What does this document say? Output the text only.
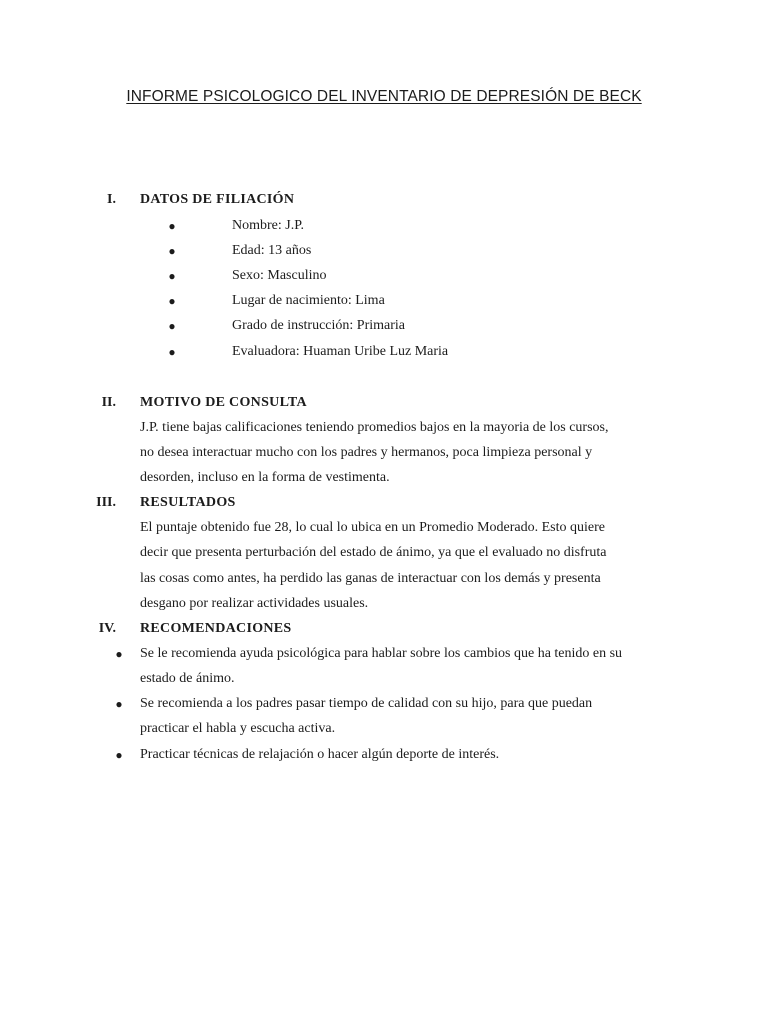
INFORME PSICOLOGICO DEL INVENTARIO DE DEPRESIÓN DE BECK
I. DATOS DE FILIACIÓN
●	Nombre: J.P.
●	Edad: 13 años
●	Sexo: Masculino
●	Lugar de nacimiento: Lima
●	Grado de instrucción: Primaria
●	Evaluadora: Huaman Uribe Luz Maria
II. MOTIVO DE CONSULTA
J.P. tiene bajas calificaciones teniendo promedios bajos en la mayoria de los cursos,
no desea interactuar mucho con los padres y hermanos, poca limpieza personal y
desorden, incluso en la forma de vestimenta.
III. RESULTADOS
El puntaje obtenido fue 28, lo cual lo ubica en un Promedio Moderado. Esto quiere
decir que presenta perturbación del estado de ánimo, ya que el evaluado no disfruta
las cosas como antes, ha perdido las ganas de interactuar con los demás y presenta
desgano por realizar actividades usuales.
IV. RECOMENDACIONES
● Se le recomienda ayuda psicológica para hablar sobre los cambios que ha tenido en su
estado de ánimo.
● Se recomienda a los padres pasar tiempo de calidad con su hijo, para que puedan
practicar el habla y escucha activa.
● Practicar técnicas de relajación o hacer algún deporte de interés.
